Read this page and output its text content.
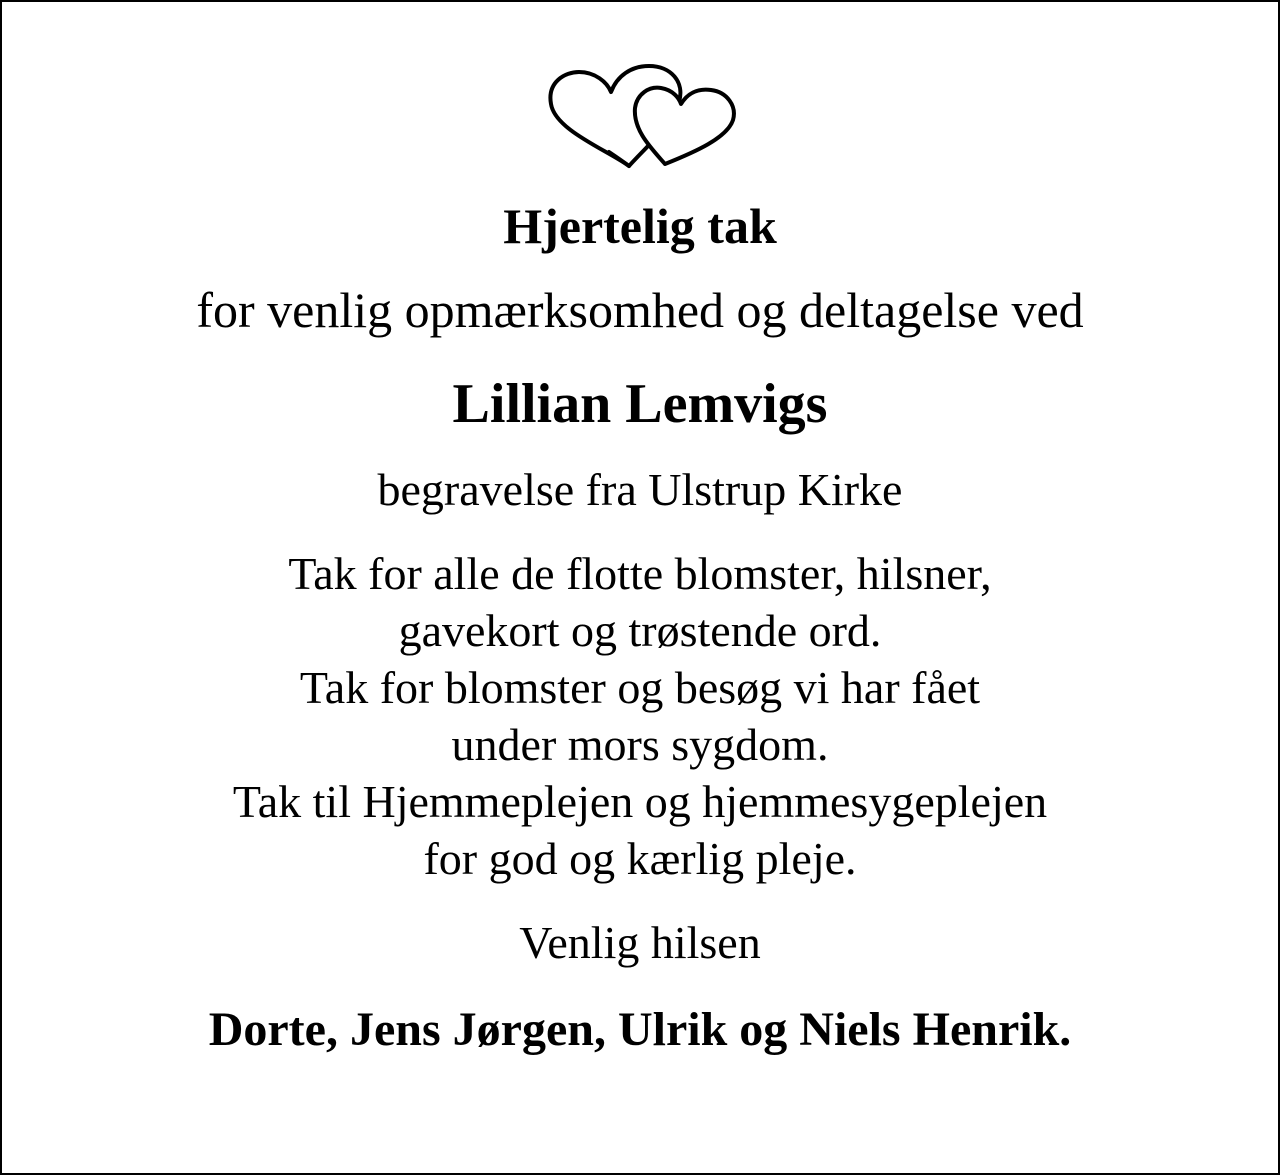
Hjertelig tak
for venlig opmærksomhed og deltagelse ved
Lillian Lemvigs
begravelse fra Ulstrup Kirke
Tak for alle de flotte blomster, hilsner,
gavekort og trøstende ord.
Tak for blomster og besøg vi har fået
under mors sygdom.
Tak til Hjemmeplejen og hjemmesygeplejen
for god og kærlig pleje.
Venlig hilsen
Dorte, Jens Jørgen, Ulrik og Niels Henrik.
